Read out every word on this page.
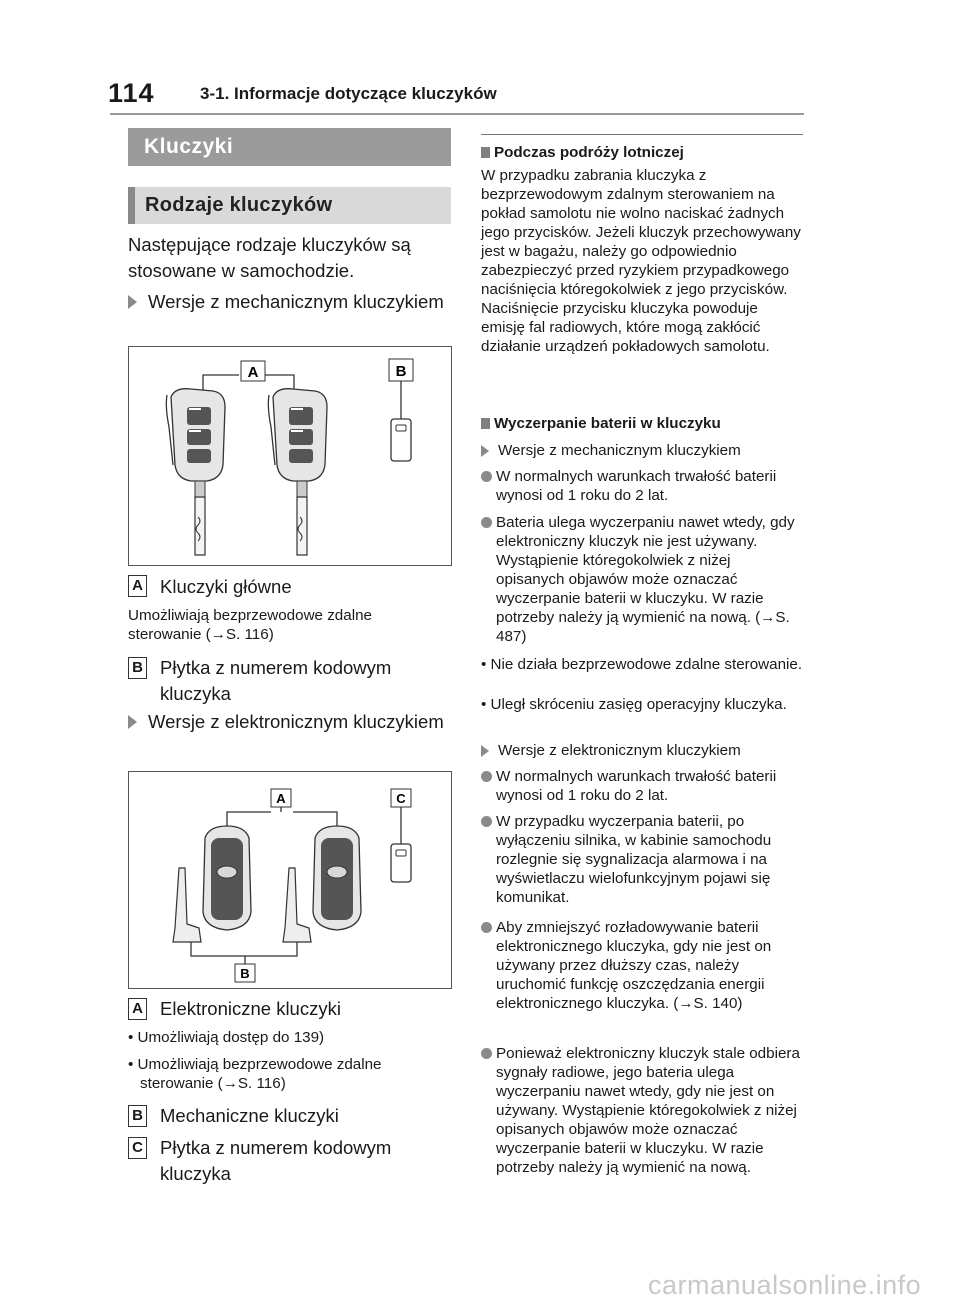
114	3-1. Informacje dotyczące kluczyków
Kluczyki
Rodzaje kluczyków
Następujące rodzaje kluczyków są stosowane w samochodzie.
Wersje z mechanicznym kluczykiem
A	B
A Kluczyki główne
Umożliwiają bezprzewodowe zdalne sterowanie (→S. 116)
B Płytka z numerem kodowym kluczyka
Wersje z elektronicznym kluczykiem
A	C
B
A Elektroniczne kluczyki
• Umożliwiają dostęp do 139)
• Umożliwiają bezprzewodowe zdalne sterowanie (→S. 116)
B Mechaniczne kluczyki
C Płytka z numerem kodowym kluczyka
Podczas podróży lotniczej
W przypadku zabrania kluczyka z bezprzewodowym zdalnym sterowaniem na pokład samolotu nie wolno naciskać żadnych jego przycisków. Jeżeli kluczyk przechowywany jest w bagażu, należy go odpowiednio zabezpieczyć przed ryzykiem przypadkowego naciśnięcia któregokolwiek z jego przycisków. Naciśnięcie przycisku kluczyka powoduje emisję fal radiowych, które mogą zakłócić działanie urządzeń pokładowych samolotu.
Wyczerpanie baterii w kluczyku
Wersje z mechanicznym kluczykiem
W normalnych warunkach trwałość baterii wynosi od 1 roku do 2 lat.
Bateria ulega wyczerpaniu nawet wtedy, gdy elektroniczny kluczyk nie jest używany. Wystąpienie któregokolwiek z niżej opisanych objawów może oznaczać wyczerpanie baterii w kluczyku. W razie potrzeby należy ją wymienić na nową. (→S. 487)
• Nie działa bezprzewodowe zdalne sterowanie.
• Uległ skróceniu zasięg operacyjny kluczyka.
Wersje z elektronicznym kluczykiem
W normalnych warunkach trwałość baterii wynosi od 1 roku do 2 lat.
W przypadku wyczerpania baterii, po wyłączeniu silnika, w kabinie samochodu rozlegnie się sygnalizacja alarmowa i na wyświetlaczu wielofunkcyjnym pojawi się komunikat.
Aby zmniejszyć rozładowywanie baterii elektronicznego kluczyka, gdy nie jest on używany przez dłuższy czas, należy uruchomić funkcję oszczędzania energii elektronicznego kluczyka. (→S. 140)
Ponieważ elektroniczny kluczyk stale odbiera sygnały radiowe, jego bateria ulega wyczerpaniu nawet wtedy, gdy nie jest on używany. Wystąpienie któregokolwiek z niżej opisanych objawów może oznaczać wyczerpanie baterii w kluczyku. W razie potrzeby należy ją wymienić na nową.
carmanualsonline.info
